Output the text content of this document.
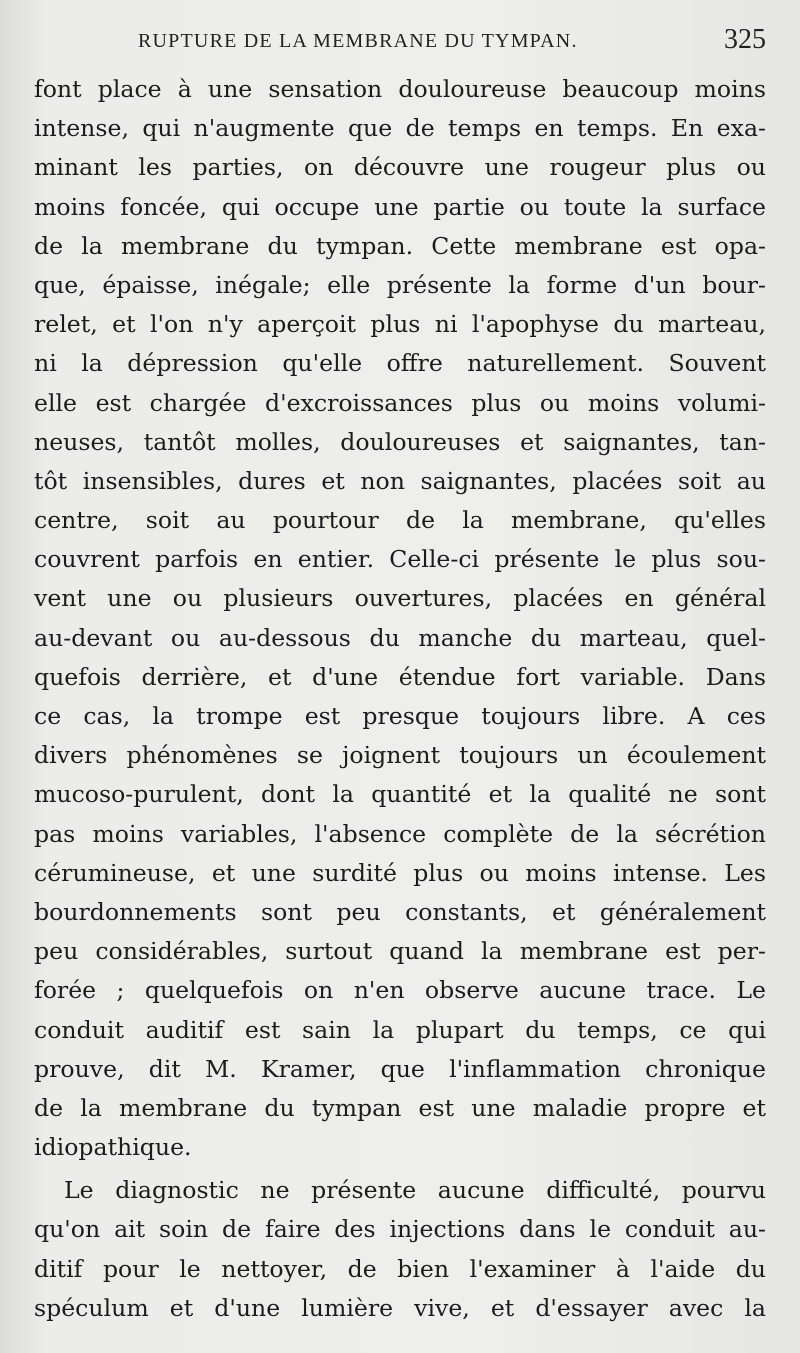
RUPTURE DE LA MEMBRANE DU TYMPAN.	325
font place à une sensation douloureuse beaucoup moins
intense, qui n'augmente que de temps en temps. En exa-
minant les parties, on découvre une rougeur plus ou
moins foncée, qui occupe une partie ou toute la surface
de la membrane du tympan. Cette membrane est opa-
que, épaisse, inégale; elle présente la forme d'un bour-
relet, et l'on n'y aperçoit plus ni l'apophyse du marteau,
ni la dépression qu'elle offre naturellement. Souvent
elle est chargée d'excroissances plus ou moins volumi-
neuses, tantôt molles, douloureuses et saignantes, tan-
tôt insensibles, dures et non saignantes, placées soit au
centre, soit au pourtour de la membrane, qu'elles
couvrent parfois en entier. Celle-ci présente le plus sou-
vent une ou plusieurs ouvertures, placées en général
au-devant ou au-dessous du manche du marteau, quel-
quefois derrière, et d'une étendue fort variable. Dans
ce cas, la trompe est presque toujours libre. A ces
divers phénomènes se joignent toujours un écoulement
mucoso-purulent, dont la quantité et la qualité ne sont
pas moins variables, l'absence complète de la sécrétion
cérumineuse, et une surdité plus ou moins intense. Les
bourdonnements sont peu constants, et généralement
peu considérables, surtout quand la membrane est per-
forée ; quelquefois on n'en observe aucune trace. Le
conduit auditif est sain la plupart du temps, ce qui
prouve, dit M. Kramer, que l'inflammation chronique
de la membrane du tympan est une maladie propre et
idiopathique.
Le diagnostic ne présente aucune difficulté, pourvu
qu'on ait soin de faire des injections dans le conduit au-
ditif pour le nettoyer, de bien l'examiner à l'aide du
spéculum et d'une lumière vive, et d'essayer avec la
